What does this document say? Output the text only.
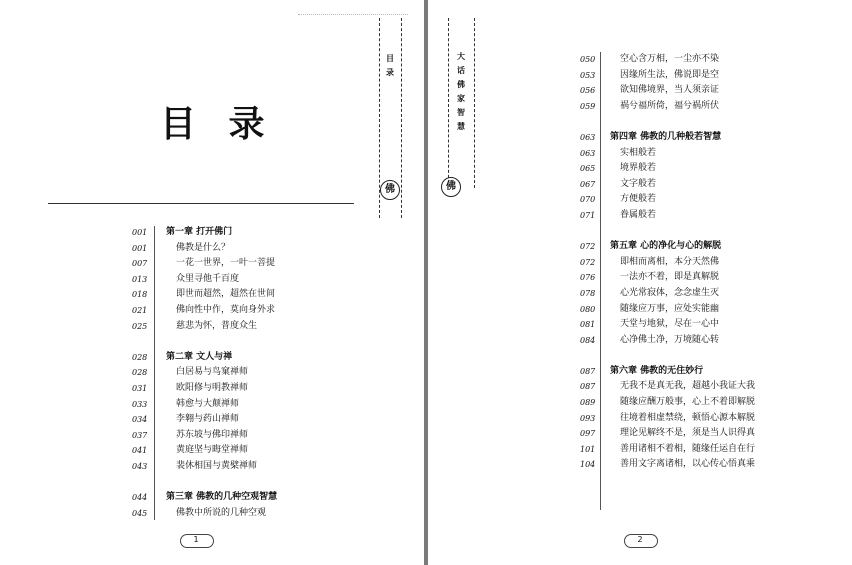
目 录
目录
佛
001	第一章 打开佛门
001	佛教是什么？
007	一花一世界，一叶一菩提
013	众里寻他千百度
018	即世而超然，超然在世间
021	佛向性中作，莫向身外求
025	慈悲为怀，普度众生
028	第二章 文人与禅
028	白居易与鸟窠禅师
031	欧阳修与明教禅师
033	韩愈与大颠禅师
034	李翱与药山禅师
037	苏东坡与佛印禅师
041	黄庭坚与晦堂禅师
043	裴休相国与黄檗禅师
044	第三章 佛教的几种空观智慧
045	佛教中所说的几种空观
1
大话佛家智慧
佛
050	空心含万相，一尘亦不染
053	因缘所生法，佛说即是空
056	欲知佛境界，当人须亲证
059	祸兮福所倚，福兮祸所伏
063	第四章 佛教的几种般若智慧
063	实相般若
065	境界般若
067	文字般若
070	方便般若
071	眷属般若
072	第五章 心的净化与心的解脱
072	即相而离相，本分天然佛
076	一法亦不着，即是真解脱
078	心光常寂体，念念虚生灭
080	随缘应万事，应处实能幽
081	天堂与地狱，尽在一心中
084	心净佛土净，万境随心转
087	第六章 佛教的无住妙行
087	无我不是真无我，超越小我证大我
089	随缘应酬万般事，心上不着即解脱
093	往境着相虚禁绕，顿悟心源本解脱
097	理论见解终不是，须是当人识得真
101	善用诸相不着相，随缘任运自在行
104	善用文字离诸相，以心传心悟真乘
2
